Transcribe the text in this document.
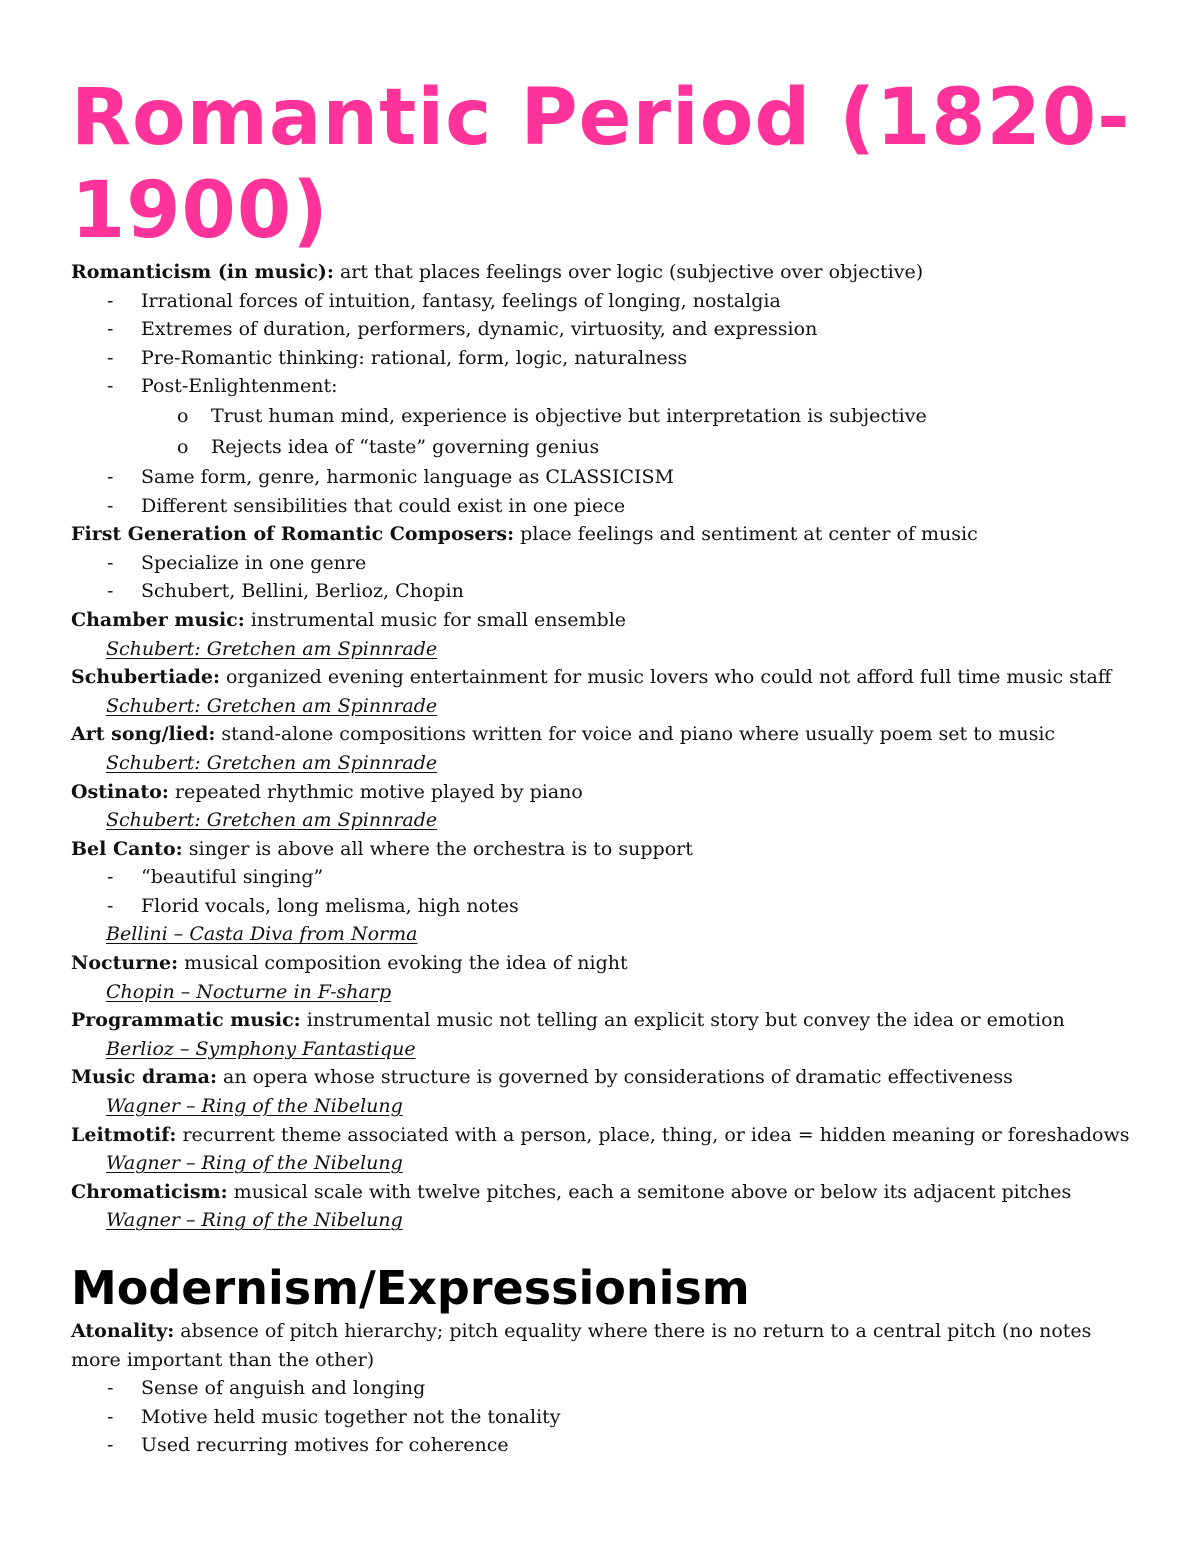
Romantic Period (1820-1900)
Romanticism (in music): art that places feelings over logic (subjective over objective)
- Irrational forces of intuition, fantasy, feelings of longing, nostalgia
- Extremes of duration, performers, dynamic, virtuosity, and expression
- Pre-Romantic thinking: rational, form, logic, naturalness
- Post-Enlightenment:
o Trust human mind, experience is objective but interpretation is subjective
o Rejects idea of “taste” governing genius
- Same form, genre, harmonic language as CLASSICISM
- Different sensibilities that could exist in one piece
First Generation of Romantic Composers: place feelings and sentiment at center of music
- Specialize in one genre
- Schubert, Bellini, Berlioz, Chopin
Chamber music: instrumental music for small ensemble
Schubert: Gretchen am Spinnrade
Schubertiade: organized evening entertainment for music lovers who could not afford full time music staff
Schubert: Gretchen am Spinnrade
Art song/lied: stand-alone compositions written for voice and piano where usually poem set to music
Schubert: Gretchen am Spinnrade
Ostinato: repeated rhythmic motive played by piano
Schubert: Gretchen am Spinnrade
Bel Canto: singer is above all where the orchestra is to support
- “beautiful singing”
- Florid vocals, long melisma, high notes
Bellini – Casta Diva from Norma
Nocturne: musical composition evoking the idea of night
Chopin – Nocturne in F-sharp
Programmatic music: instrumental music not telling an explicit story but convey the idea or emotion
Berlioz – Symphony Fantastique
Music drama: an opera whose structure is governed by considerations of dramatic effectiveness
Wagner – Ring of the Nibelung
Leitmotif: recurrent theme associated with a person, place, thing, or idea = hidden meaning or foreshadows
Wagner – Ring of the Nibelung
Chromaticism: musical scale with twelve pitches, each a semitone above or below its adjacent pitches
Wagner – Ring of the Nibelung
Modernism/Expressionism
Atonality: absence of pitch hierarchy; pitch equality where there is no return to a central pitch (no notes more important than the other)
- Sense of anguish and longing
- Motive held music together not the tonality
- Used recurring motives for coherence
